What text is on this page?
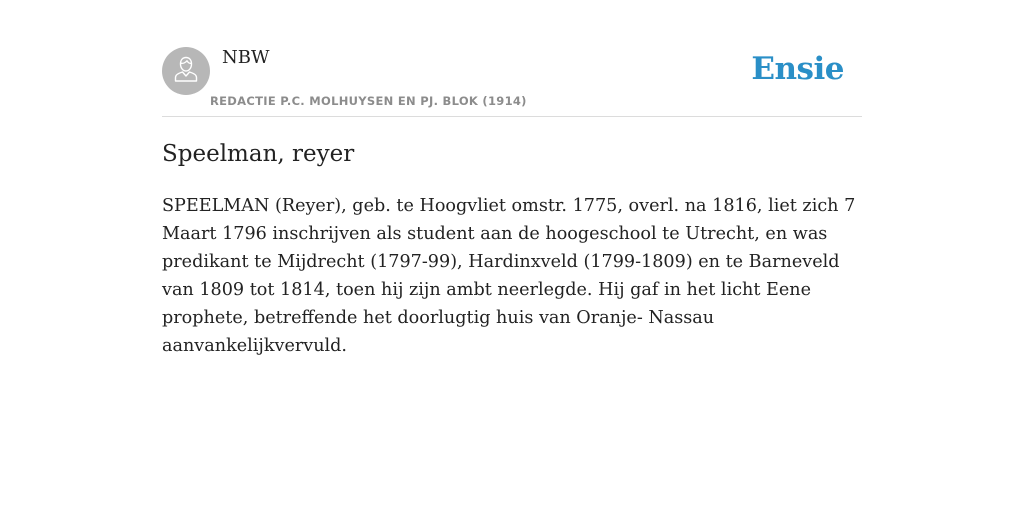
NBW
REDACTIE P.C. MOLHUYSEN EN PJ. BLOK (1914)
Ensie
Speelman, reyer

SPEELMAN (Reyer), geb. te Hoogvliet omstr. 1775, overl. na 1816, liet zich 7 Maart 1796 inschrijven als student aan de hoogeschool te Utrecht, en was predikant te Mijdrecht (1797-99), Hardinxveld (1799-1809) en te Barneveld van 1809 tot 1814, toen hij zijn ambt neerlegde. Hij gaf in het licht Eene prophete, betreffende het doorlugtig huis van Oranje- Nassau aanvankelijkvervuld.
